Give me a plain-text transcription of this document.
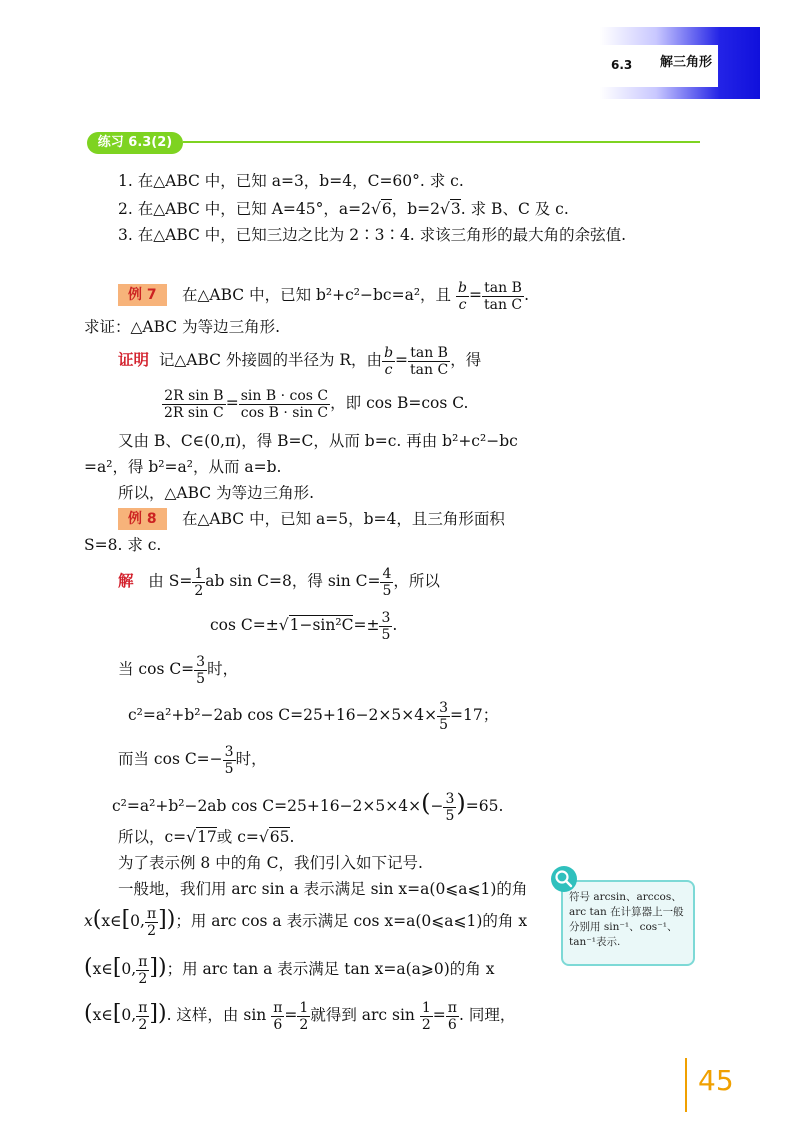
6.3 解三角形
练习 6.3(2)
1. 在△ABC 中，已知 a=3，b=4，C=60°. 求 c.
2. 在△ABC 中，已知 A=45°，a=2√6，b=2√3. 求 B、C 及 c.
3. 在△ABC 中，已知三边之比为 2∶3∶4. 求该三角形的最大角的余弦值.
例 7	在△ABC 中，已知 b²+c²−bc=a²，且 $\frac{b}{c} = \frac{\text{tan B}}{\text{tan C}}$ .
求证：△ABC 为等边三角形.
证明 记△ABC 外接圆的半径为 R，由 $\frac{b}{c} = \frac{\text{tan B}}{\text{tan C}}$ ，得
$\frac{\text{2R sin B}}{\text{2R sin C}} = \frac{\text{sin B · cos C}}{\text{cos B · sin C}}$ ，即 cos B=cos C.
又由 B、C∈(0,π)，得 B=C，从而 b=c. 再由 b²+c²−bc
=a²，得 b²=a²，从而 a=b.
所以，△ABC 为等边三角形.
例 8	在△ABC 中，已知 a=5，b=4，且三角形面积
S=8. 求 c.
解 由 $S= \frac{1}{2}$ ab sin C=8，得 $\sin C= \frac{4}{5}$ ，所以
$\cos C=\pm√1-\sin^2C=\pm \frac{3}{5}$ .
当 $\cos C= \frac{3}{5}$ 时，
c²=a²+b²−2ab $\cos C=25+16-2\times 5\times 4\times \frac{3}{5} =17$；
而当 $\cos C=- \frac{3}{5}$ 时，
c²=a²+b²−2ab $\cos C=25+16-2\times 5\times 4\times(- \frac{3}{5} )=65$.
所以，c=√17或 c=√65.
为了表示例 8 中的角 C，我们引入如下记号.
一般地，我们用 arc sin a 表示满足 sin x=a(0⩽a⩽1)的角
x(x∈[0, $\frac{\pi}{2}$ ])；用 arc cos a 表示满足 cos x=a(0⩽a⩽1)的角 x
(x∈[0, $\frac{\pi}{2}$ ])；用 arc tan a 表示满足 tan x=a(a⩾0)的角 x
(x∈[0, $\frac{\pi}{2}$ ]). 这样，由 $\sin \frac{\pi}{6} = \frac{1}{2}$ 就得到 arc $\sin \frac{1}{2} = \frac{\pi}{6}$ . 同理，
符号 arcsin、arccos、arc tan 在计算器上一般分别用 sin⁻¹、cos⁻¹、tan⁻¹表示.
45
